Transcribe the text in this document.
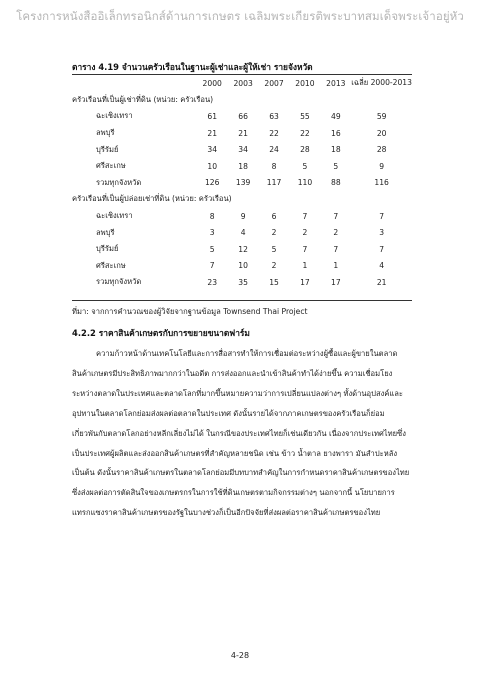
โครงการหนังสืออิเล็กทรอนิกส์ด้านการเกษตร เฉลิมพระเกียรติพระบาทสมเด็จพระเจ้าอยู่หัว
ตาราง 4.19 จำนวนครัวเรือนในฐานะผู้เช่าและผู้ให้เช่า รายจังหวัด
	2000	2003	2007	2010	2013	เฉลี่ย 2000-2013
ครัวเรือนที่เป็นผู้เช่าที่ดิน (หน่วย: ครัวเรือน)						
ฉะเชิงเทรา	61	66	63	55	49	59
ลพบุรี	21	21	22	22	16	20
บุรีรัมย์	34	34	24	28	18	28
ศรีสะเกษ	10	18	8	5	5	9
รวมทุกจังหวัด	126	139	117	110	88	116
ครัวเรือนที่เป็นผู้ปล่อยเช่าที่ดิน (หน่วย: ครัวเรือน)						
ฉะเชิงเทรา	8	9	6	7	7	7
ลพบุรี	3	4	2	2	2	3
บุรีรัมย์	5	12	5	7	7	7
ศรีสะเกษ	7	10	2	1	1	4
รวมทุกจังหวัด	23	35	15	17	17	21
ที่มา: จากการคำนวณของผู้วิจัยจากฐานข้อมูล Townsend Thai Project
4.2.2 ราคาสินค้าเกษตรกับการขยายขนาดฟาร์ม
ความก้าวหน้าด้านเทคโนโลยีและการสื่อสารทำให้การเชื่อมต่อระหว่างผู้ซื้อและผู้ขายในตลาด
สินค้าเกษตรมีประสิทธิภาพมากกว่าในอดีต การส่งออกและนำเข้าสินค้าทำได้ง่ายขึ้น ความเชื่อมโยง
ระหว่างตลาดในประเทศและตลาดโลกที่มากขึ้นหมายความว่าการเปลี่ยนแปลงต่างๆ ทั้งด้านอุปสงค์และ
อุปทานในตลาดโลกย่อมส่งผลต่อตลาดในประเทศ ดังนั้นรายได้จากภาคเกษตรของครัวเรือนก็ย่อม
เกี่ยวพันกับตลาดโลกอย่างหลีกเลี่ยงไม่ได้ ในกรณีของประเทศไทยก็เช่นเดียวกัน เนื่องจากประเทศไทยซึ่ง
เป็นประเทศผู้ผลิตและส่งออกสินค้าเกษตรที่สำคัญหลายชนิด เช่น ข้าว น้ำตาล ยางพารา มันสำปะหลัง
เป็นต้น ดังนั้นราคาสินค้าเกษตรในตลาดโลกย่อมมีบทบาทสำคัญในการกำหนดราคาสินค้าเกษตรของไทย
ซึ่งส่งผลต่อการตัดสินใจของเกษตรกรในการใช้ที่ดินเกษตรตามกิจกรรมต่างๆ นอกจากนี้ นโยบายการ
แทรกแซงราคาสินค้าเกษตรของรัฐในบางช่วงก็เป็นอีกปัจจัยที่ส่งผลต่อราคาสินค้าเกษตรของไทย
4-28
